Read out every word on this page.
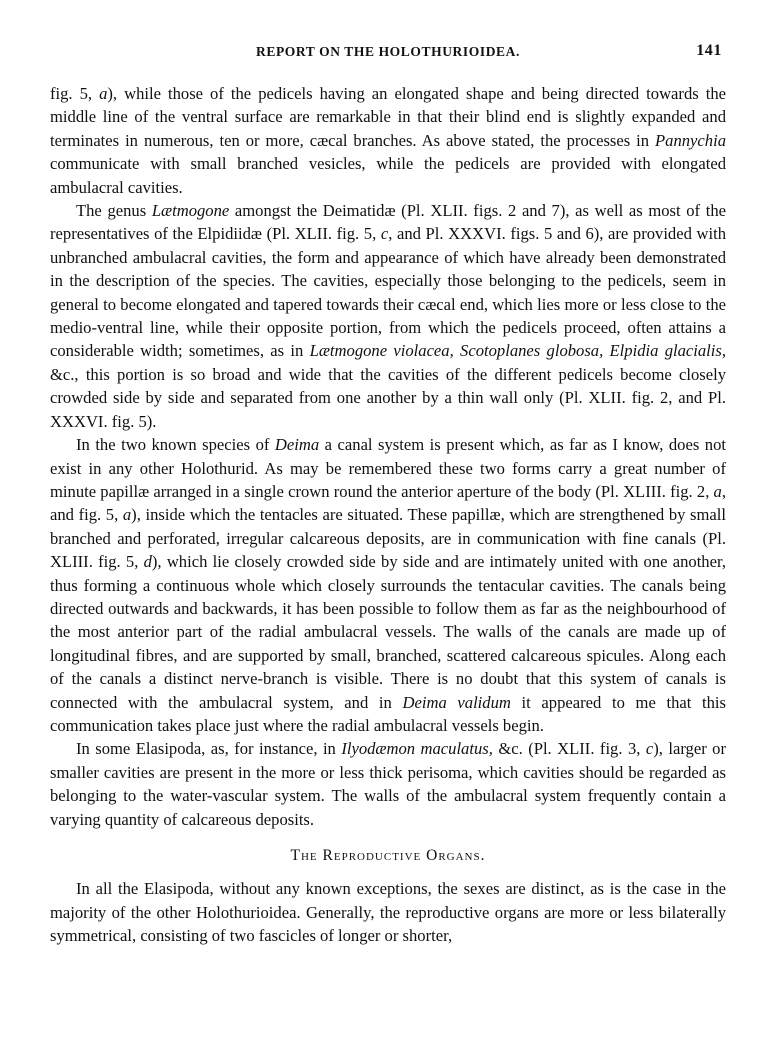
REPORT ON THE HOLOTHURIOIDEA.	141

fig. 5, a), while those of the pedicels having an elongated shape and being directed towards the middle line of the ventral surface are remarkable in that their blind end is slightly expanded and terminates in numerous, ten or more, cæcal branches. As above stated, the processes in Pannychia communicate with small branched vesicles, while the pedicels are provided with elongated ambulacral cavities.

The genus Lætmogone amongst the Deimatidæ (Pl. XLII. figs. 2 and 7), as well as most of the representatives of the Elpidiidæ (Pl. XLII. fig. 5, c, and Pl. XXXVI. figs. 5 and 6), are provided with unbranched ambulacral cavities, the form and appearance of which have already been demonstrated in the description of the species. The cavities, especially those belonging to the pedicels, seem in general to become elongated and tapered towards their cæcal end, which lies more or less close to the medio-ventral line, while their opposite portion, from which the pedicels proceed, often attains a considerable width; sometimes, as in Lætmogone violacea, Scotoplanes globosa, Elpidia glacialis, &c., this portion is so broad and wide that the cavities of the different pedicels become closely crowded side by side and separated from one another by a thin wall only (Pl. XLII. fig. 2, and Pl. XXXVI. fig. 5).

In the two known species of Deima a canal system is present which, as far as I know, does not exist in any other Holothurid. As may be remembered these two forms carry a great number of minute papillæ arranged in a single crown round the anterior aperture of the body (Pl. XLIII. fig. 2, a, and fig. 5, a), inside which the tentacles are situated. These papillæ, which are strengthened by small branched and perforated, irregular calcareous deposits, are in communication with fine canals (Pl. XLIII. fig. 5, d), which lie closely crowded side by side and are intimately united with one another, thus forming a continuous whole which closely surrounds the tentacular cavities. The canals being directed outwards and backwards, it has been possible to follow them as far as the neighbourhood of the most anterior part of the radial ambulacral vessels. The walls of the canals are made up of longitudinal fibres, and are supported by small, branched, scattered calcareous spicules. Along each of the canals a distinct nerve-branch is visible. There is no doubt that this system of canals is connected with the ambulacral system, and in Deima validum it appeared to me that this communication takes place just where the radial ambulacral vessels begin.

In some Elasipoda, as, for instance, in Ilyodæmon maculatus, &c. (Pl. XLII. fig. 3, c), larger or smaller cavities are present in the more or less thick perisoma, which cavities should be regarded as belonging to the water-vascular system. The walls of the ambulacral system frequently contain a varying quantity of calcareous deposits.

The Reproductive Organs.

In all the Elasipoda, without any known exceptions, the sexes are distinct, as is the case in the majority of the other Holothurioidea. Generally, the reproductive organs are more or less bilaterally symmetrical, consisting of two fascicles of longer or shorter,
